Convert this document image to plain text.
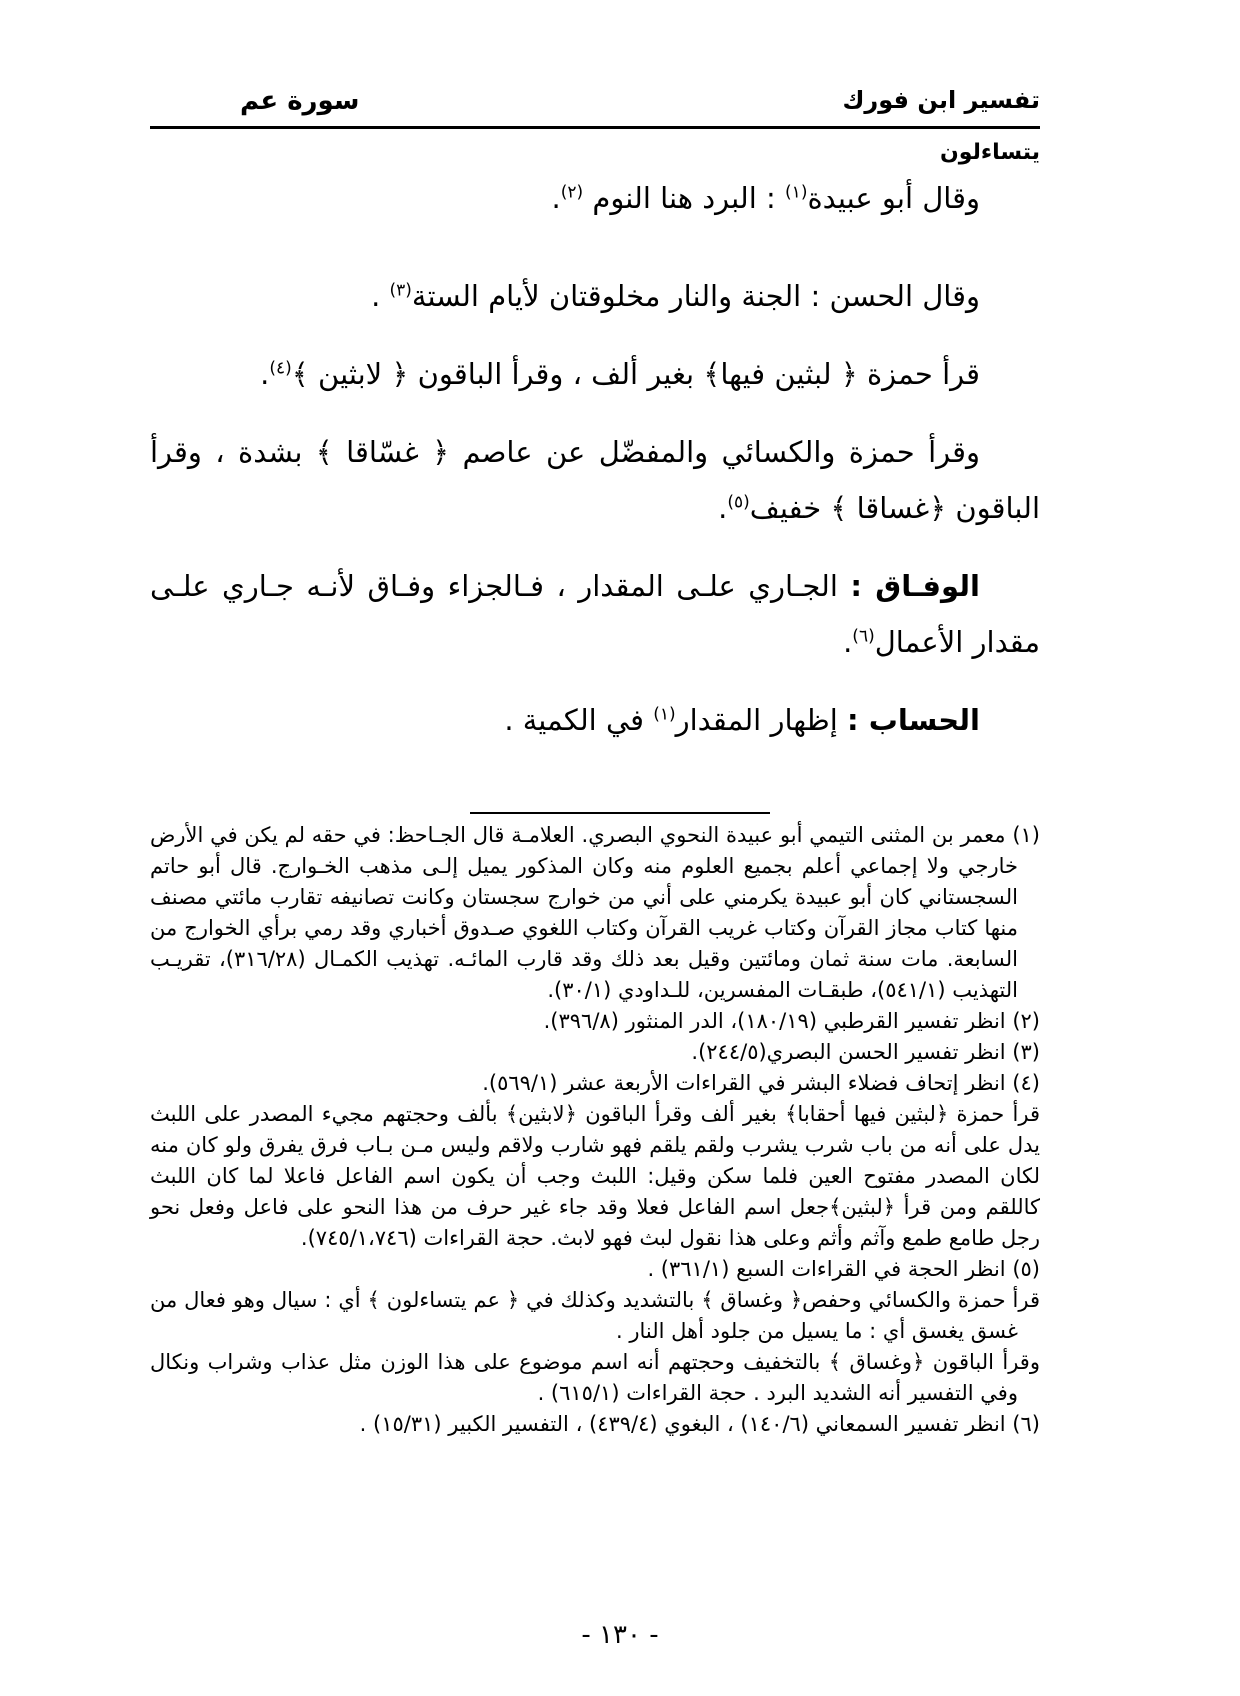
تفسير ابن فورك
سورة عم
يتساءلون

وقال أبو عبيدة$^{(١)}$ : البرد هنا النوم $^{(٢)}$.

وقال الحسن : الجنة والنار مخلوقتان لأيام الستة$^{(٣)}$ .

قرأ حمزة ﴿ لبثين فيها﴾ بغير ألف ، وقرأ الباقون ﴿ لابثين ﴾$^{(٤)}$.

وقرأ حمزة والكسائي والمفضّل عن عاصم ﴿ غسّاقا ﴾ بشدة ، وقرأ الباقون ﴿غساقا ﴾ خفيف$^{(٥)}$.

الوفـاق : الجـاري علـى المقدار ، فـالجزاء وفـاق لأنـه جـاري علـى مقدار الأعمال$^{(٦)}$.

الحساب : إظهار المقدار$^{(١)}$ في الكمية .

(١) معمر بن المثنى التيمي أبو عبيدة النحوي البصري. العلامـة قال الجـاحظ: في حقه لم يكن في الأرض خارجي ولا إجماعي أعلم بجميع العلوم منه وكان المذكور يميل إلـى مذهب الخـوارج. قال أبو حاتم السجستاني كان أبو عبيدة يكرمني على أني من خوارج سجستان وكانت تصانيفه تقارب مائتي مصنف منها كتاب مجاز القرآن وكتاب غريب القرآن وكتاب اللغوي صـدوق أخباري وقد رمي برأي الخوارج من السابعة. مات سنة ثمان ومائتين وقيل بعد ذلك وقد قارب المائـه. تهذيب الكمـال (٣١٦/٢٨)، تقريـب التهذيب (٥٤١/١)، طبقـات المفسرين، للـداودي (٣٠/١).

(٢) انظر تفسير القرطبي (١٨٠/١٩)، الدر المنثور (٣٩٦/٨).

(٣) انظر تفسير الحسن البصري(٢٤٤/٥).

(٤) انظر إتحاف فضلاء البشر في القراءات الأربعة عشر (٥٦٩/١).

قرأ حمزة ﴿لبثين فيها أحقابا﴾ بغير ألف وقرأ الباقون ﴿لابثين﴾ بألف وحجتهم مجيء المصدر على اللبث يدل على أنه من باب شرب يشرب ولقم يلقم فهو شارب ولاقم وليس مـن بـاب فرق يفرق ولو كان منه لكان المصدر مفتوح العين فلما سكن وقيل: اللبث وجب أن يكون اسم الفاعل فاعلا لما كان اللبث كاللقم ومن قرأ ﴿لبثين﴾جعل اسم الفاعل فعلا وقد جاء غير حرف من هذا النحو على فاعل وفعل نحو رجل طامع طمع وآثم وأثم وعلى هذا نقول لبث فهو لابث. حجة القراءات (٧٤٥/١،٧٤٦).

(٥) انظر الحجة في القراءات السبع (٣٦١/١) .

قرأ حمزة والكسائي وحفص﴿ وغساق ﴾ بالتشديد وكذلك في ﴿ عم يتساءلون ﴾ أي : سيال وهو فعال من غسق يغسق أي : ما يسيل من جلود أهل النار .

وقرأ الباقون ﴿وغساق ﴾ بالتخفيف وحجتهم أنه اسم موضوع على هذا الوزن مثل عذاب وشراب ونكال وفي التفسير أنه الشديد البرد . حجة القراءات (٦١٥/١) .

(٦) انظر تفسير السمعاني (١٤٠/٦) ، البغوي (٤٣٩/٤) ، التفسير الكبير (١٥/٣١) .

- ١٣٠ -
